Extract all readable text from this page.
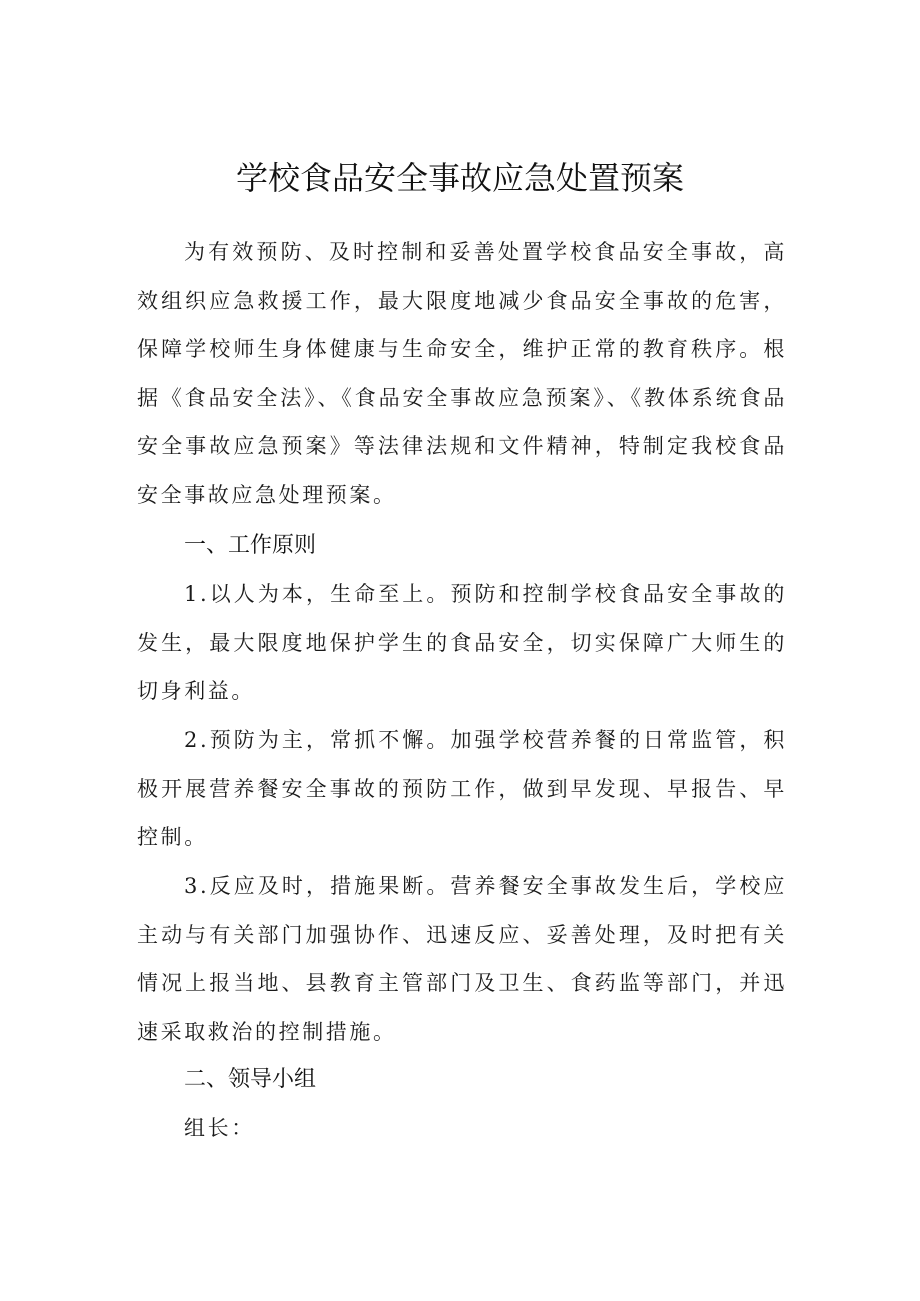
学校食品安全事故应急处置预案

为有效预防、及时控制和妥善处置学校食品安全事故，高效组织应急救援工作，最大限度地减少食品安全事故的危害，保障学校师生身体健康与生命安全，维护正常的教育秩序。根据《食品安全法》、《食品安全事故应急预案》、《教体系统食品安全事故应急预案》等法律法规和文件精神，特制定我校食品安全事故应急处理预案。

一、工作原则

1.以人为本，生命至上。预防和控制学校食品安全事故的发生，最大限度地保护学生的食品安全，切实保障广大师生的切身利益。

2.预防为主，常抓不懈。加强学校营养餐的日常监管，积极开展营养餐安全事故的预防工作，做到早发现、早报告、早控制。

3.反应及时，措施果断。营养餐安全事故发生后，学校应主动与有关部门加强协作、迅速反应、妥善处理，及时把有关情况上报当地、县教育主管部门及卫生、食药监等部门，并迅速采取救治的控制措施。

二、领导小组

组长：
